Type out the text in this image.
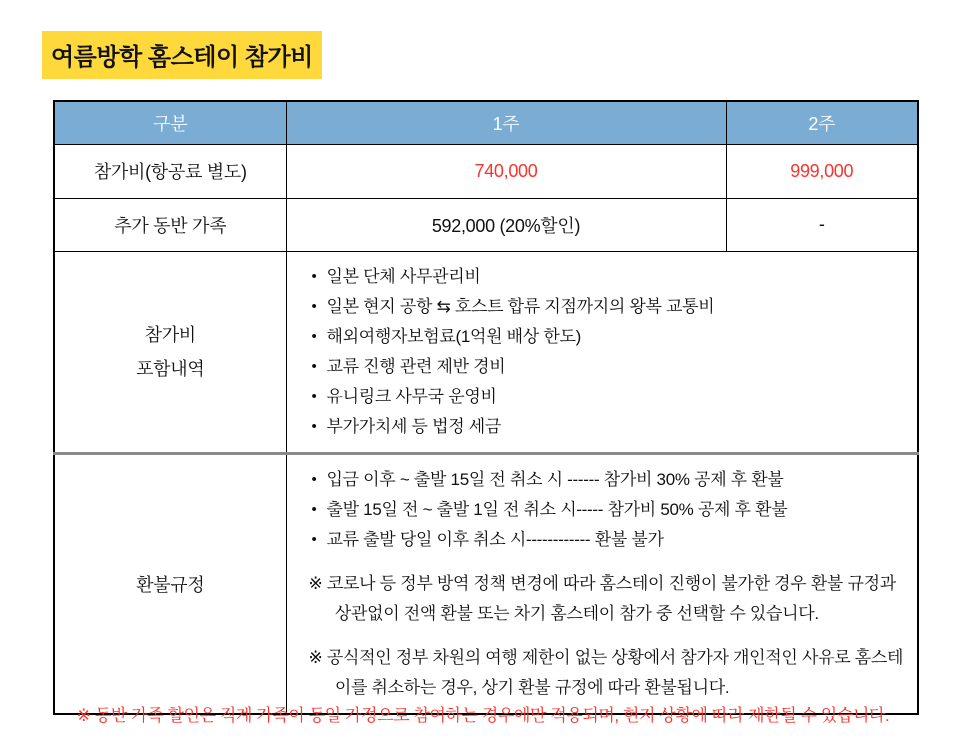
여름방학 홈스테이 참가비
구분	1주	2주
참가비(항공료 별도)	740,000	999,000
추가 동반 가족	592,000 (20%할인)	-

참가비
포함내역

• 일본 단체 사무관리비
• 일본 현지 공항 ⇆ 호스트 합류 지점까지의 왕복 교통비
• 해외여행자보험료(1억원 배상 한도)
• 교류 진행 관련 제반 경비
• 유니링크 사무국 운영비
• 부가가치세 등 법정 세금

환불규정	
• 입금 이후 ~ 출발 15일 전 취소 시 ------ 참가비 30% 공제 후 환불
• 출발 15일 전 ~ 출발 1일 전 취소 시----- 참가비 50% 공제 후 환불
• 교류 출발 당일 이후 취소 시------------ 환불 불가

※ 코로나 등 정부 방역 정책 변경에 따라 홈스테이 진행이 불가한 경우 환불 규정과 상관없이 전액 환불 또는 차기 홈스테이 참가 중 선택할 수 있습니다.

※ 공식적인 정부 차원의 여행 제한이 없는 상황에서 참가자 개인적인 사유로 홈스테이를 취소하는 경우, 상기 환불 규정에 따라 환불됩니다.

※ 동반 가족 할인은 직계 가족이 동일 가정으로 참여하는 경우에만 적용되며, 현지 상황에 따라 제한될 수 있습니다.
